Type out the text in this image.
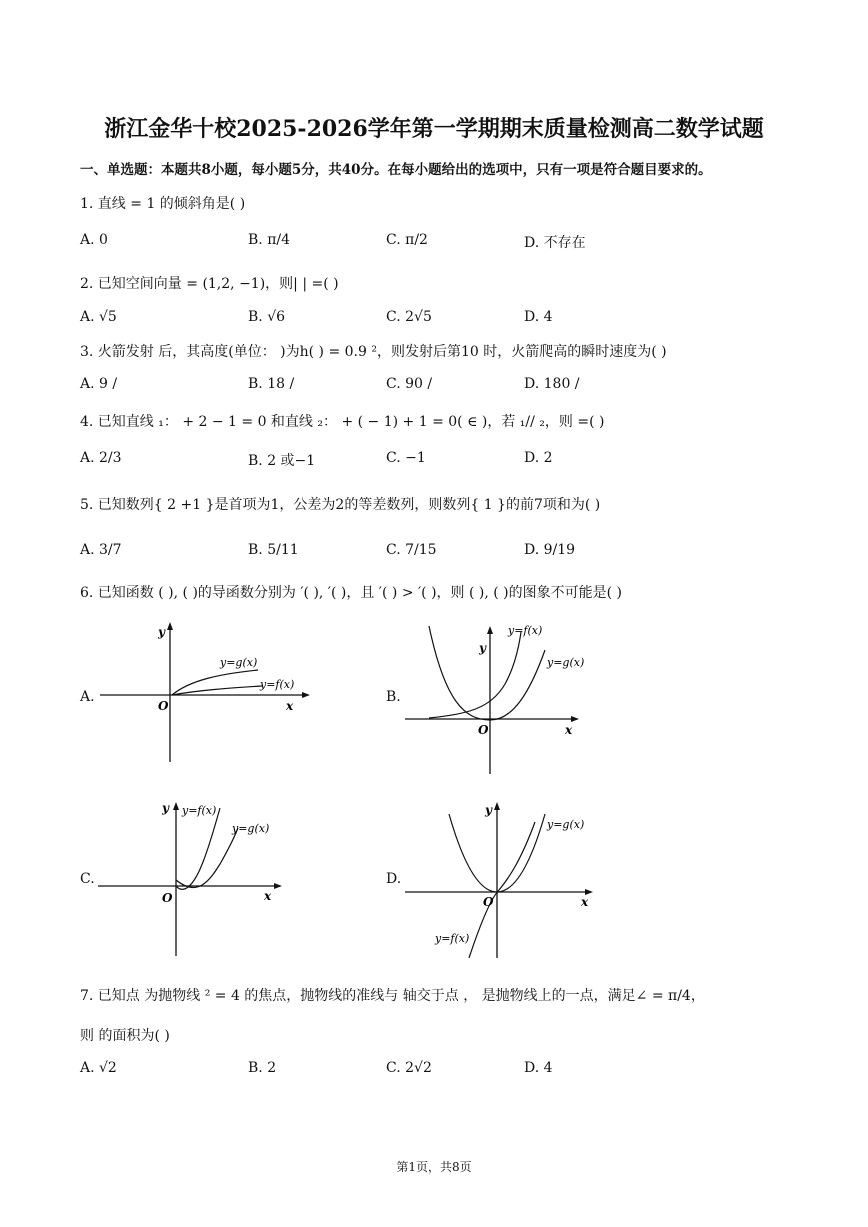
浙江金华十校2025-2026学年第一学期期末质量检测高二数学试题
一、单选题：本题共8小题，每小题5分，共40分。在每小题给出的选项中，只有一项是符合题目要求的。
1. 直线 = 1 的倾斜角是( )
A. 0	B. π/4	C. π/2	D. 不存在
2. 已知空间向量 = (1,2, −1)，则| | =( )
A. √5	B. √6	C. 2√5	D. 4
3. 火箭发射 后，其高度(单位： )为h( ) = 0.9 ²，则发射后第10 时，火箭爬高的瞬时速度为( )
A. 9 /	B. 18 /	C. 90 /	D. 180 /
4. 已知直线 ₁： + 2 − 1 = 0 和直线 ₂： + ( − 1) + 1 = 0( ∈ )，若 ₁// ₂，则 =( )
A. 2/3	B. 2 或−1	C. −1	D. 2
5. 已知数列{ 2 +1 }是首项为1，公差为2的等差数列，则数列{ 1 }的前7项和为( )
A. 3/7	B. 5/11	C. 7/15	D. 9/19
6. 已知函数 ( ), ( )的导函数分别为 ′( ), ′( )，且 ′( ) > ′( )，则 ( ), ( )的图象不可能是( )
A.	B.
C.	D.
y=g(x)
y=f(x)
x
y
O
y=f(x)
y=g(x)
x
y
O
y=f(x)
y=g(x)
x
y
O
y=g(x)
y=f(x)
x
y
O
7. 已知点 为抛物线 ² = 4 的焦点，抛物线的准线与 轴交于点 ， 是抛物线上的一点，满足∠ = π/4，
则 的面积为( )
A. √2	B. 2	C. 2√2	D. 4
第1页，共8页
